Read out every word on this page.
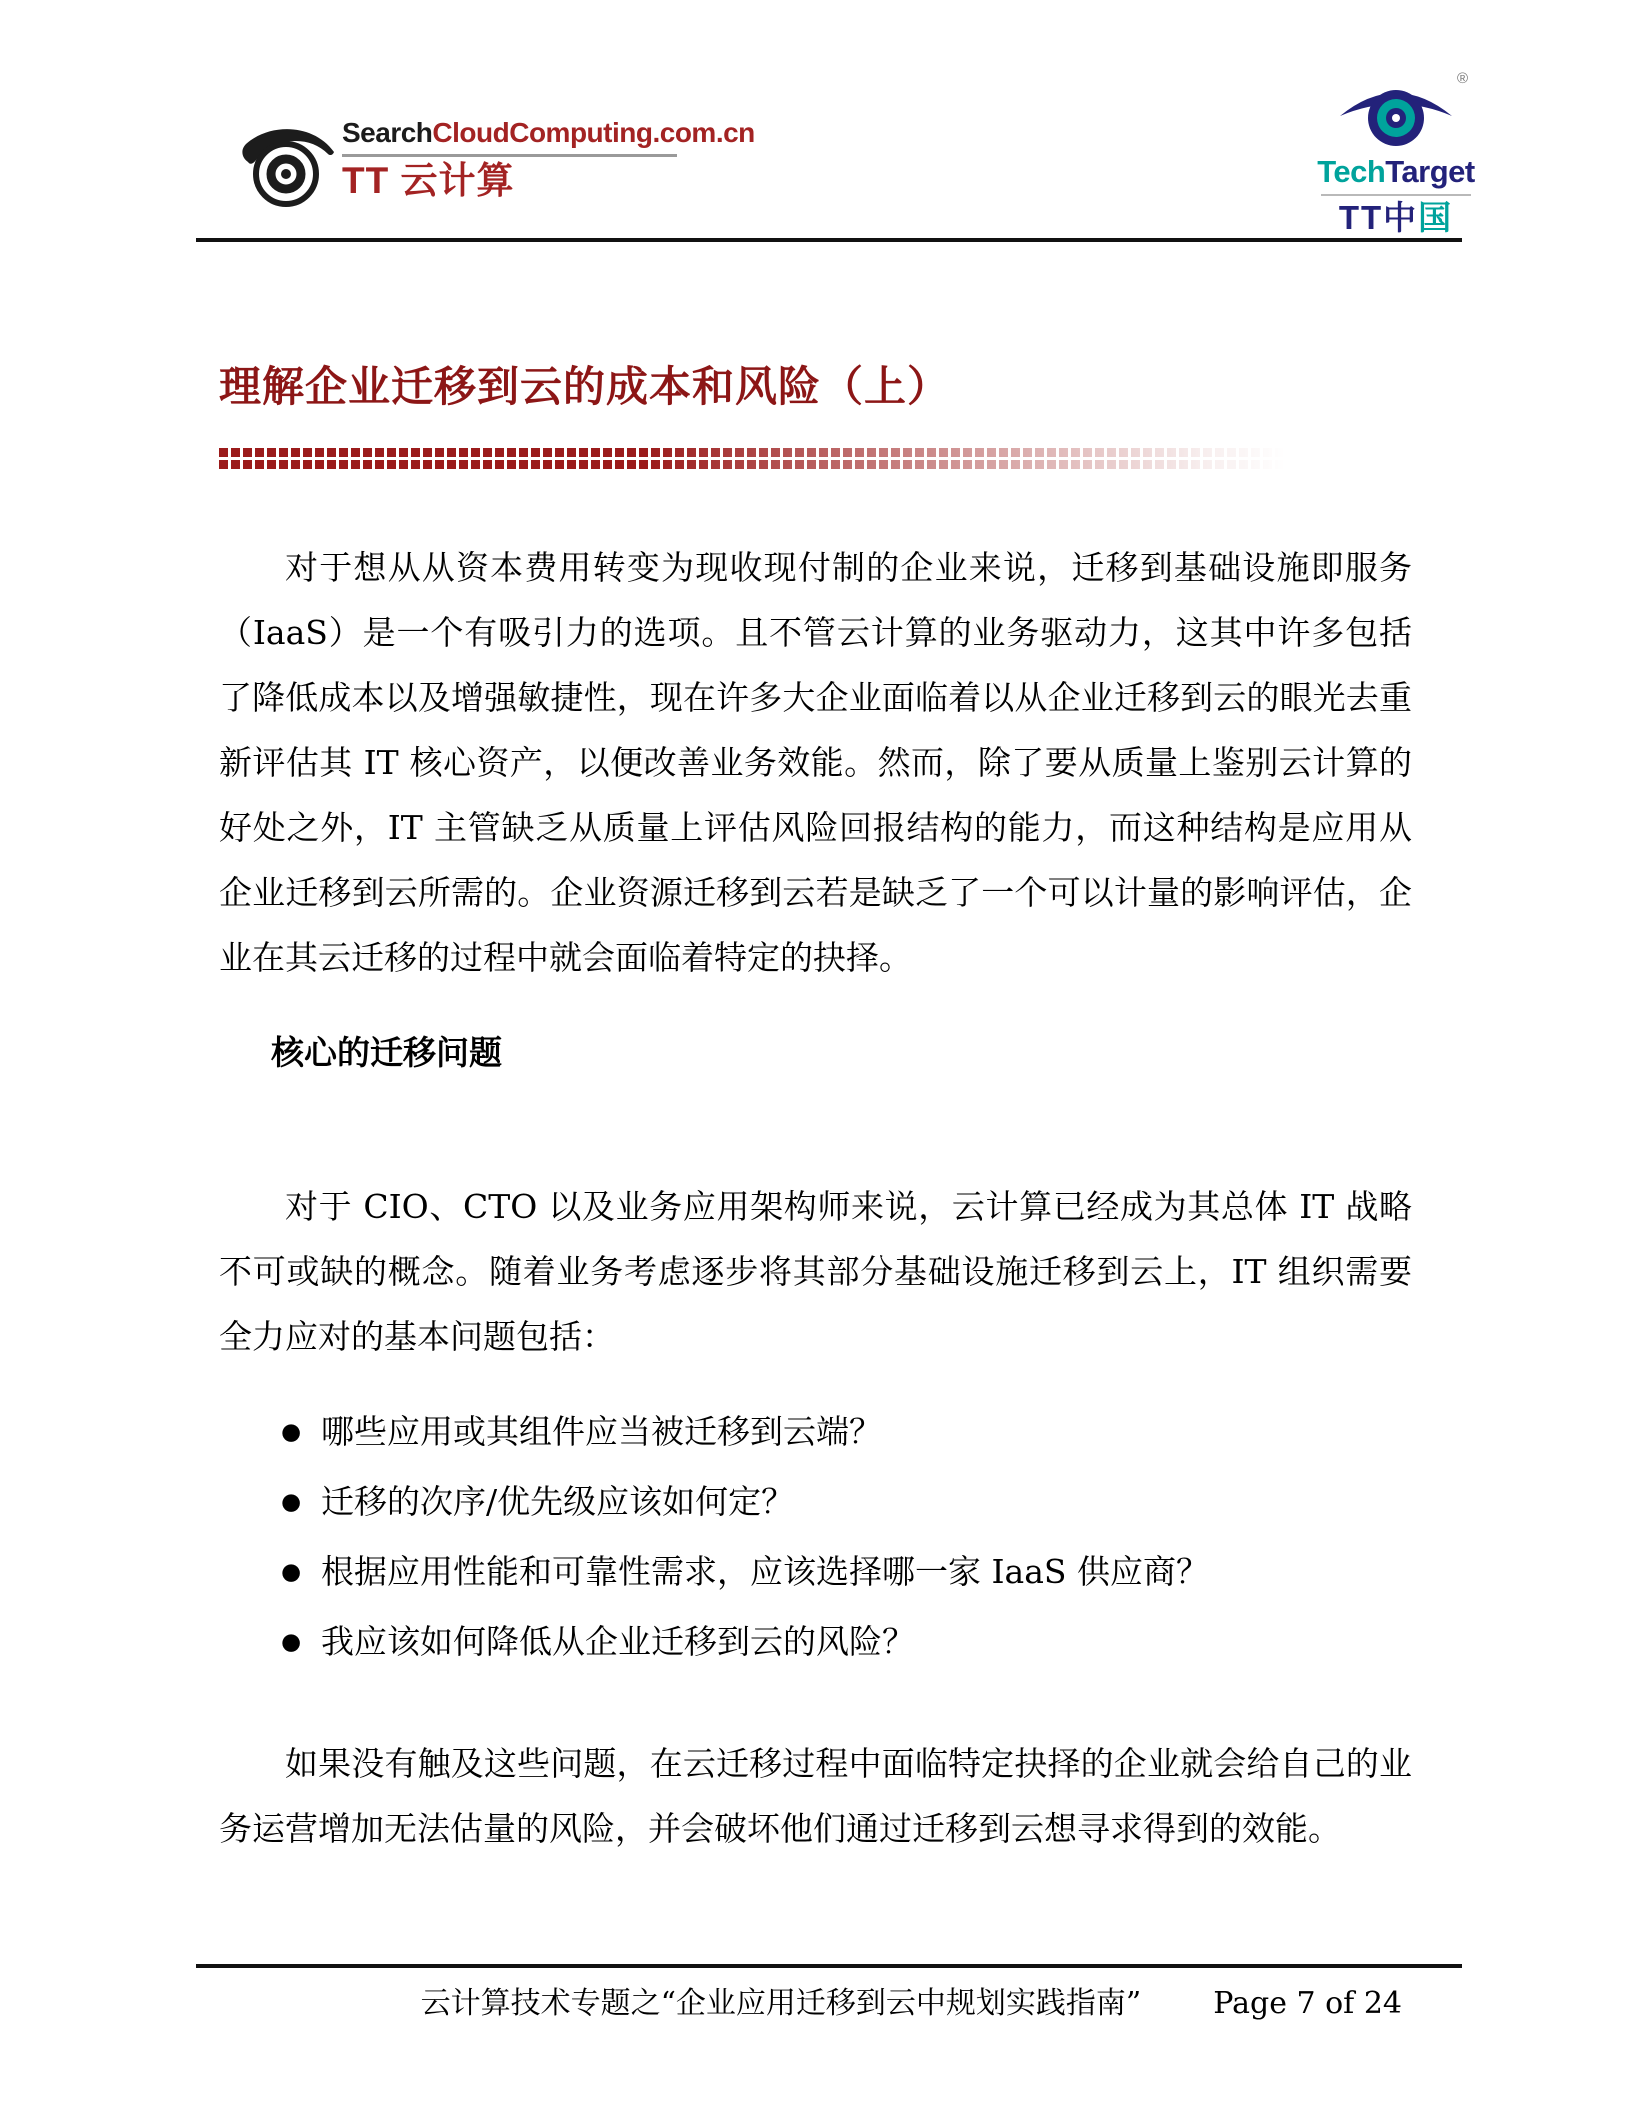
SearchCloudComputing.com.cn
TT 云计算
®
TechTarget
TT中国
理解企业迁移到云的成本和风险（上）

对于想从从资本费用转变为现收现付制的企业来说，迁移到基础设施即服务（IaaS）是一个有吸引力的选项。且不管云计算的业务驱动力，这其中许多包括了降低成本以及增强敏捷性，现在许多大企业面临着以从企业迁移到云的眼光去重新评估其 IT 核心资产，以便改善业务效能。然而，除了要从质量上鉴别云计算的好处之外，IT 主管缺乏从质量上评估风险回报结构的能力，而这种结构是应用从企业迁移到云所需的。企业资源迁移到云若是缺乏了一个可以计量的影响评估，企业在其云迁移的过程中就会面临着特定的抉择。

核心的迁移问题

对于 CIO、CTO 以及业务应用架构师来说，云计算已经成为其总体 IT 战略不可或缺的概念。随着业务考虑逐步将其部分基础设施迁移到云上，IT 组织需要全力应对的基本问题包括：

● 哪些应用或其组件应当被迁移到云端？
● 迁移的次序/优先级应该如何定？
● 根据应用性能和可靠性需求，应该选择哪一家 IaaS 供应商？
● 我应该如何降低从企业迁移到云的风险？

如果没有触及这些问题，在云迁移过程中面临特定抉择的企业就会给自己的业务运营增加无法估量的风险，并会破坏他们通过迁移到云想寻求得到的效能。

云计算技术专题之“企业应用迁移到云中规划实践指南” Page 7 of 24
